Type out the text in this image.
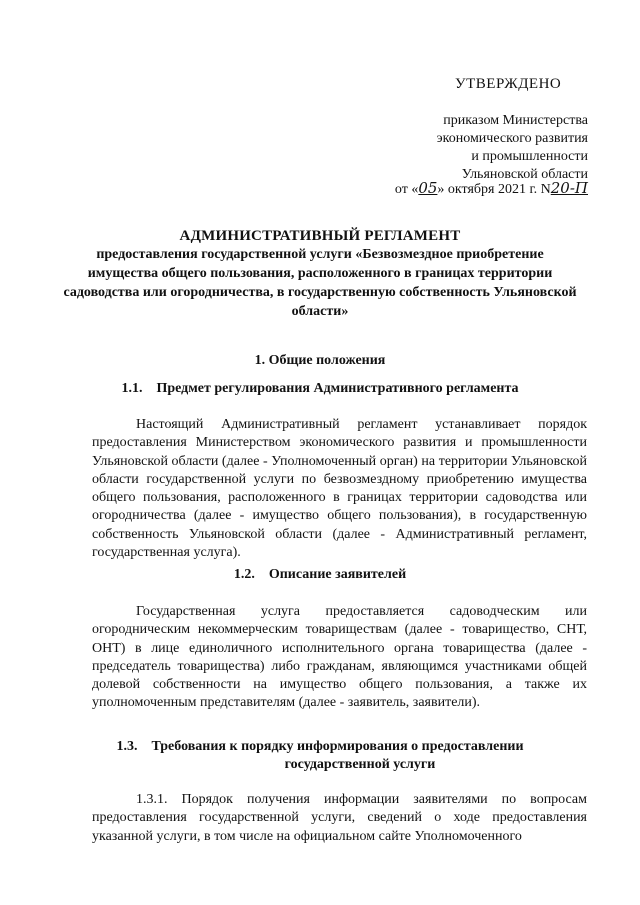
УТВЕРЖДЕНО
приказом Министерства
экономического развития
и промышленности
Ульяновской области
от «05» октября 2021 г. N20-П
АДМИНИСТРАТИВНЫЙ РЕГЛАМЕНТ
предоставления государственной услуги «Безвозмездное приобретение имущества общего пользования, расположенного в границах территории садоводства или огородничества, в государственную собственность Ульяновской области»
1. Общие положения
1.1. Предмет регулирования Административного регламента

Настоящий Административный регламент устанавливает порядок предоставления Министерством экономического развития и промышленности Ульяновской области (далее - Уполномоченный орган) на территории Ульяновской области государственной услуги по безвозмездному приобретению имущества общего пользования, расположенного в границах территории садоводства или огородничества (далее - имущество общего пользования), в государственную собственность Ульяновской области (далее - Административный регламент, государственная услуга).

1.2. Описание заявителей

Государственная услуга предоставляется садоводческим или огородническим некоммерческим товариществам (далее - товарищество, СНТ, ОНТ) в лице единоличного исполнительного органа товарищества (далее - председатель товарищества) либо гражданам, являющимся участниками общей долевой собственности на имущество общего пользования, а также их уполномоченным представителям (далее - заявитель, заявители).

1.3. Требования к порядку информирования о предоставлении
государственной услуги

1.3.1. Порядок получения информации заявителями по вопросам предоставления государственной услуги, сведений о ходе предоставления указанной услуги, в том числе на официальном сайте Уполномоченного
